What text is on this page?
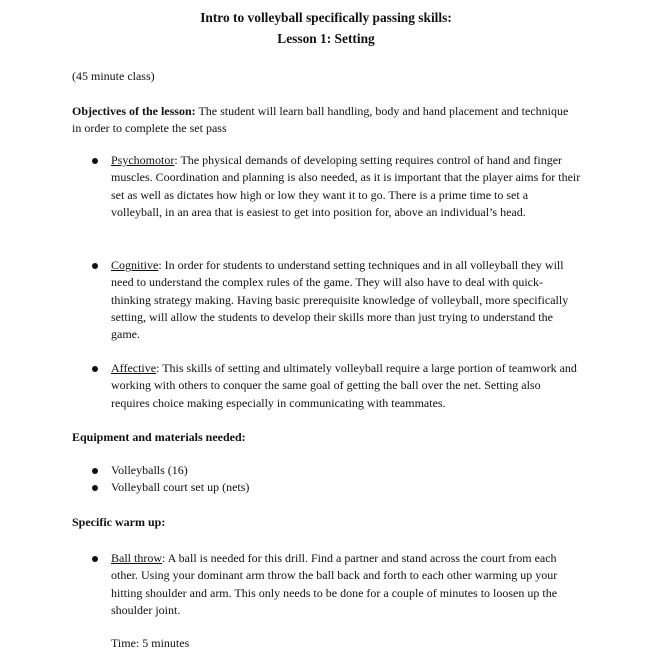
Intro to volleyball specifically passing skills:
Lesson 1: Setting

(45 minute class)

Objectives of the lesson: The student will learn ball handling, body and hand placement and technique in order to complete the set pass

Psychomotor: The physical demands of developing setting requires control of hand and finger muscles. Coordination and planning is also needed, as it is important that the player aims for their set as well as dictates how high or low they want it to go. There is a prime time to set a volleyball, in an area that is easiest to get into position for, above an individual’s head.

Cognitive: In order for students to understand setting techniques and in all volleyball they will need to understand the complex rules of the game. They will also have to deal with quick-thinking strategy making. Having basic prerequisite knowledge of volleyball, more specifically setting, will allow the students to develop their skills more than just trying to understand the game.

Affective: This skills of setting and ultimately volleyball require a large portion of teamwork and working with others to conquer the same goal of getting the ball over the net. Setting also requires choice making especially in communicating with teammates.

Equipment and materials needed:

Volleyballs (16)

Volleyball court set up (nets)

Specific warm up:

Ball throw: A ball is needed for this drill. Find a partner and stand across the court from each other. Using your dominant arm throw the ball back and forth to each other warming up your hitting shoulder and arm. This only needs to be done for a couple of minutes to loosen up the shoulder joint.

Time: 5 minutes
